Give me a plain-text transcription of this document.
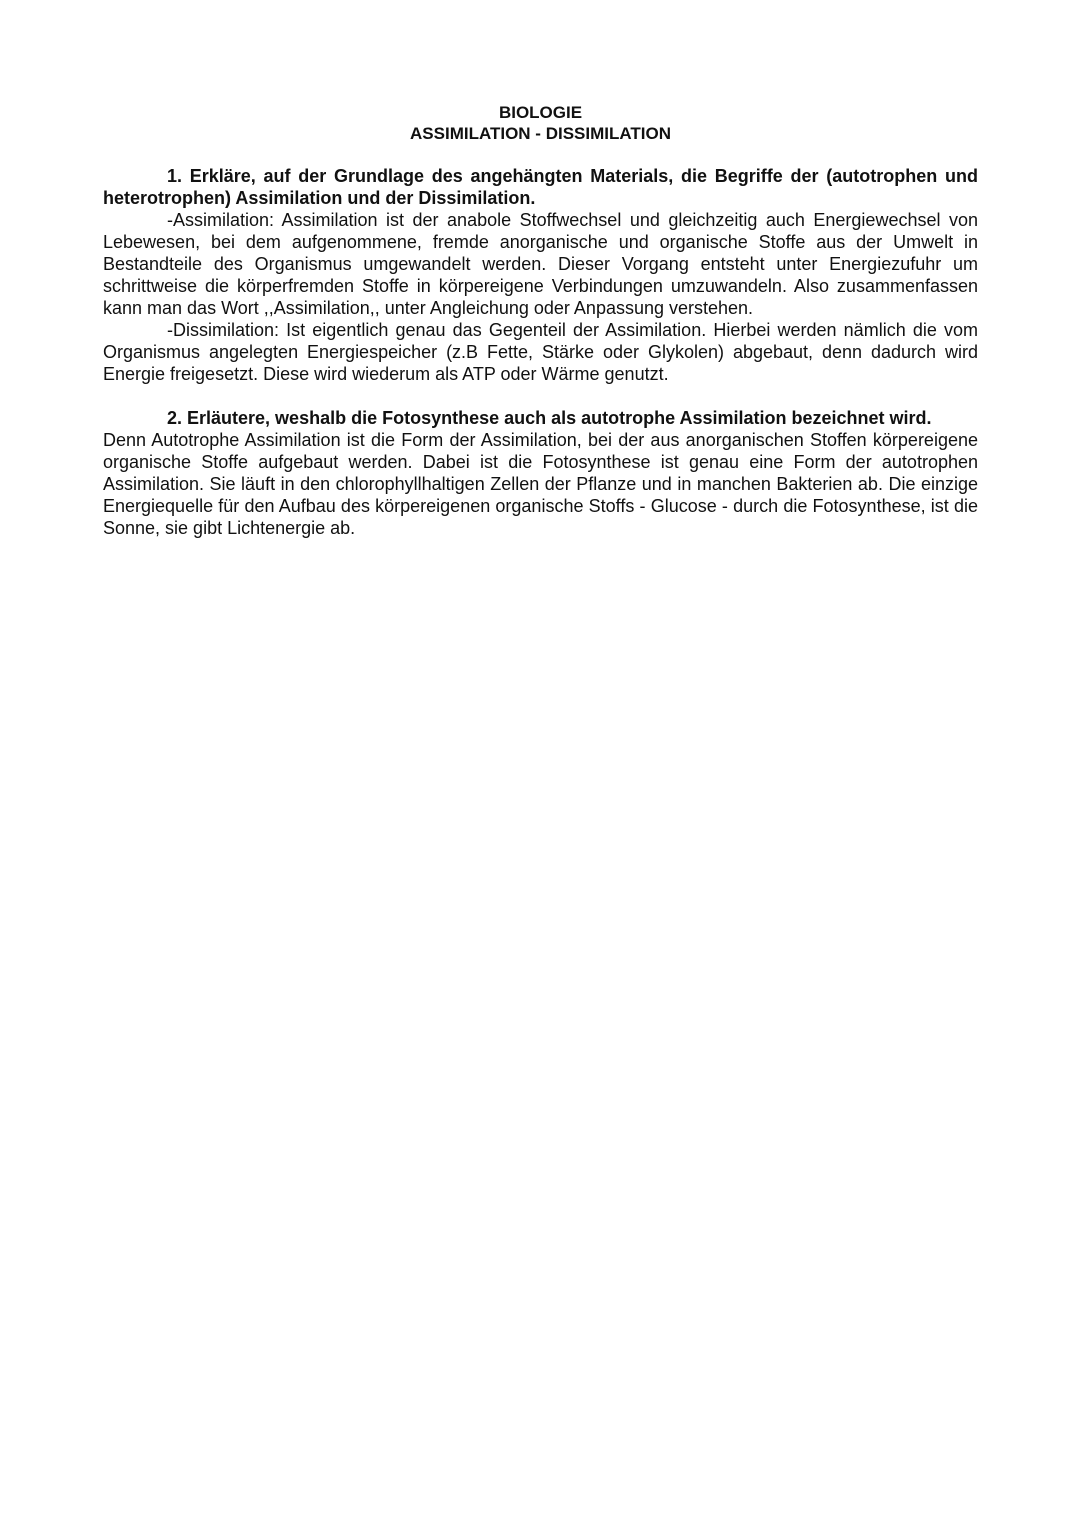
BIOLOGIE
ASSIMILATION - DISSIMILATION

1. Erkläre, auf der Grundlage des angehängten Materials, die Begriffe der (autotrophen und heterotrophen) Assimilation und der Dissimilation.

-Assimilation: Assimilation ist der anabole Stoffwechsel und gleichzeitig auch Energiewechsel von Lebewesen, bei dem aufgenommene, fremde anorganische und organische Stoffe aus der Umwelt in Bestandteile des Organismus umgewandelt werden. Dieser Vorgang entsteht unter Energiezufuhr um schrittweise die körperfremden Stoffe in körpereigene Verbindungen umzuwandeln. Also zusammenfassen kann man das Wort ,,Assimilation,, unter Angleichung oder Anpassung verstehen.

-Dissimilation: Ist eigentlich genau das Gegenteil der Assimilation. Hierbei werden nämlich die vom Organismus angelegten Energiespeicher (z.B Fette, Stärke oder Glykolen) abgebaut, denn dadurch wird Energie freigesetzt. Diese wird wiederum als ATP oder Wärme genutzt.

2. Erläutere, weshalb die Fotosynthese auch als autotrophe Assimilation bezeichnet wird.

Denn Autotrophe Assimilation ist die Form der Assimilation, bei der aus anorganischen Stoffen körpereigene organische Stoffe aufgebaut werden. Dabei ist die Fotosynthese ist genau eine Form der autotrophen Assimilation. Sie läuft in den chlorophyllhaltigen Zellen der Pflanze und in manchen Bakterien ab. Die einzige Energiequelle für den Aufbau des körpereigenen organische Stoffs - Glucose - durch die Fotosynthese, ist die Sonne, sie gibt Lichtenergie ab.
